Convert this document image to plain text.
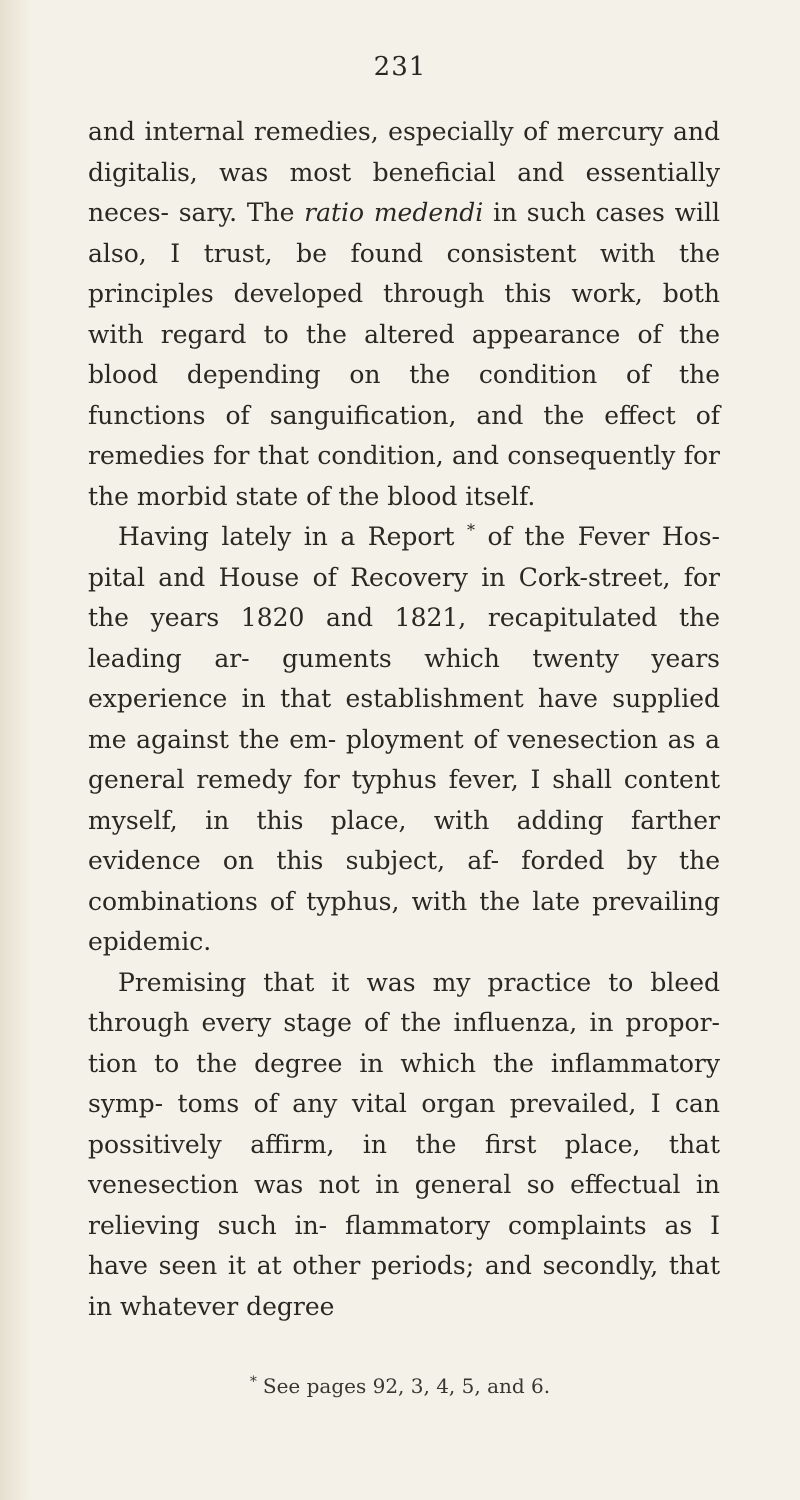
231

and internal remedies, especially of mercury and digitalis, was most beneficial and essentially neces- sary. The ratio medendi in such cases will also, I trust, be found consistent with the principles developed through this work, both with regard to the altered appearance of the blood depending on the condition of the functions of sanguification, and the effect of remedies for that condition, and consequently for the morbid state of the blood itself.

Having lately in a Report * of the Fever Hos- pital and House of Recovery in Cork-street, for the years 1820 and 1821, recapitulated the leading ar- guments which twenty years experience in that establishment have supplied me against the em- ployment of venesection as a general remedy for typhus fever, I shall content myself, in this place, with adding farther evidence on this subject, af- forded by the combinations of typhus, with the late prevailing epidemic.

Premising that it was my practice to bleed through every stage of the influenza, in propor- tion to the degree in which the inflammatory symp- toms of any vital organ prevailed, I can possitively affirm, in the first place, that venesection was not in general so effectual in relieving such in- flammatory complaints as I have seen it at other periods; and secondly, that in whatever degree

* See pages 92, 3, 4, 5, and 6.
